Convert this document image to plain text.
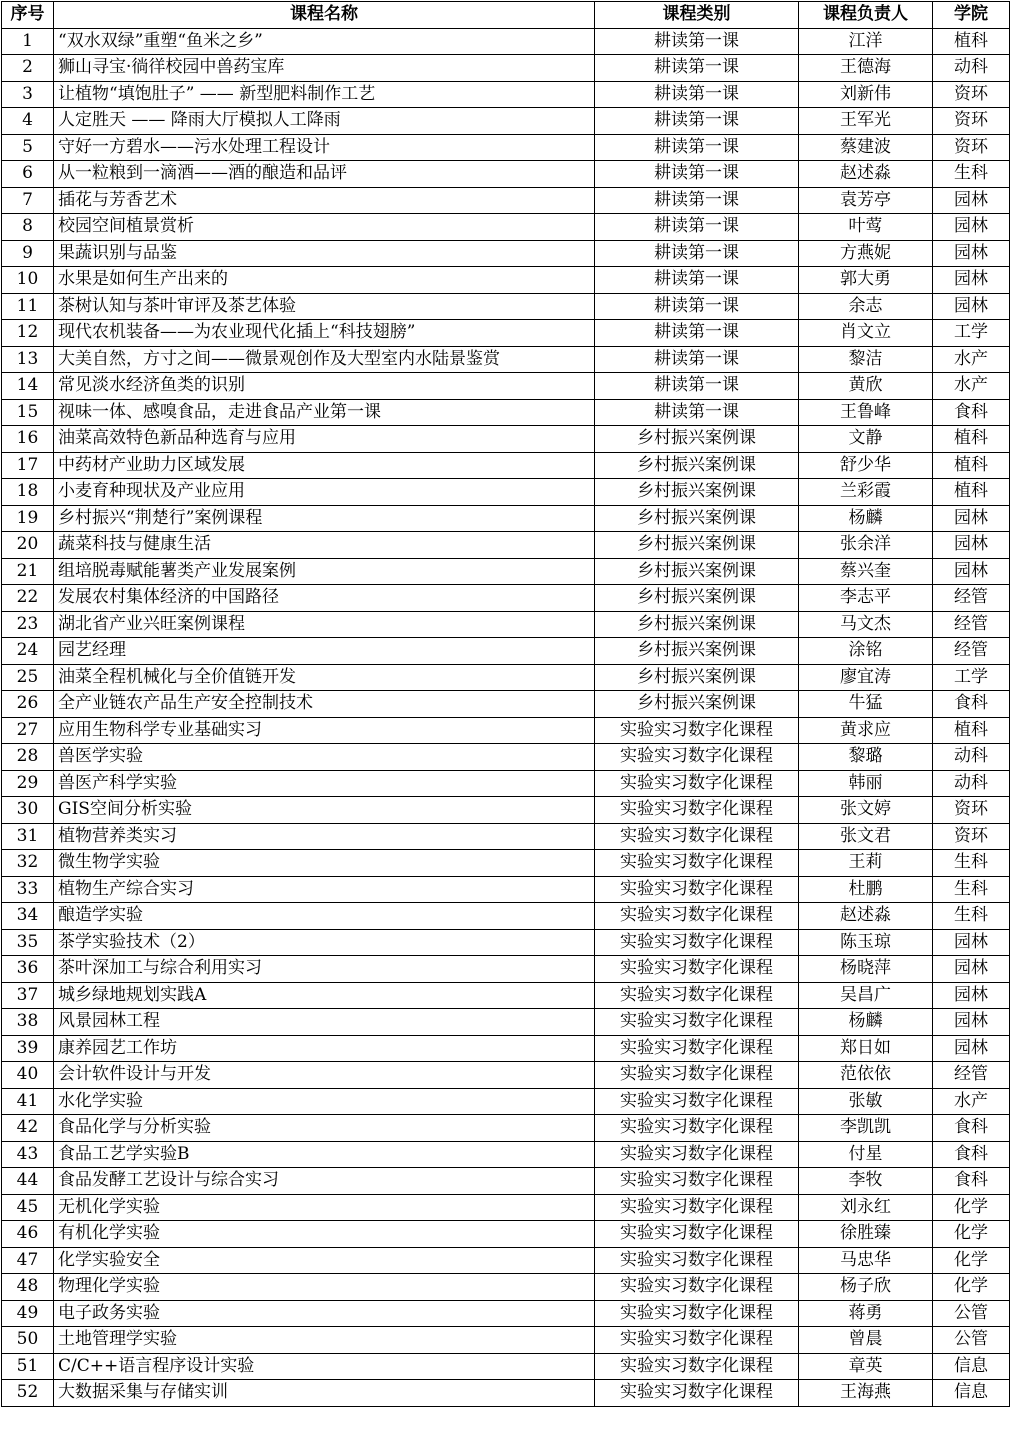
序号	课程名称	课程类别	课程负责人	学院
1	“双水双绿”重塑“鱼米之乡”	耕读第一课	江洋	植科
2	狮山寻宝·徜徉校园中兽药宝库	耕读第一课	王德海	动科
3	让植物“填饱肚子” —— 新型肥料制作工艺	耕读第一课	刘新伟	资环
4	人定胜天 —— 降雨大厅模拟人工降雨	耕读第一课	王军光	资环
5	守好一方碧水——污水处理工程设计	耕读第一课	蔡建波	资环
6	从一粒粮到一滴酒——酒的酿造和品评	耕读第一课	赵述淼	生科
7	插花与芳香艺术	耕读第一课	袁芳亭	园林
8	校园空间植景赏析	耕读第一课	叶莺	园林
9	果蔬识别与品鉴	耕读第一课	方燕妮	园林
10	水果是如何生产出来的	耕读第一课	郭大勇	园林
11	茶树认知与茶叶审评及茶艺体验	耕读第一课	余志	园林
12	现代农机装备——为农业现代化插上“科技翅膀”	耕读第一课	肖文立	工学
13	大美自然，方寸之间——微景观创作及大型室内水陆景鉴赏	耕读第一课	黎洁	水产
14	常见淡水经济鱼类的识别	耕读第一课	黄欣	水产
15	视味一体、感嗅食品，走进食品产业第一课	耕读第一课	王鲁峰	食科
16	油菜高效特色新品种选育与应用	乡村振兴案例课	文静	植科
17	中药材产业助力区域发展	乡村振兴案例课	舒少华	植科
18	小麦育种现状及产业应用	乡村振兴案例课	兰彩霞	植科
19	乡村振兴“荆楚行”案例课程	乡村振兴案例课	杨麟	园林
20	蔬菜科技与健康生活	乡村振兴案例课	张余洋	园林
21	组培脱毒赋能薯类产业发展案例	乡村振兴案例课	蔡兴奎	园林
22	发展农村集体经济的中国路径	乡村振兴案例课	李志平	经管
23	湖北省产业兴旺案例课程	乡村振兴案例课	马文杰	经管
24	园艺经理	乡村振兴案例课	涂铭	经管
25	油菜全程机械化与全价值链开发	乡村振兴案例课	廖宜涛	工学
26	全产业链农产品生产安全控制技术	乡村振兴案例课	牛猛	食科
27	应用生物科学专业基础实习	实验实习数字化课程	黄求应	植科
28	兽医学实验	实验实习数字化课程	黎璐	动科
29	兽医产科学实验	实验实习数字化课程	韩丽	动科
30	GIS空间分析实验	实验实习数字化课程	张文婷	资环
31	植物营养类实习	实验实习数字化课程	张文君	资环
32	微生物学实验	实验实习数字化课程	王莉	生科
33	植物生产综合实习	实验实习数字化课程	杜鹏	生科
34	酿造学实验	实验实习数字化课程	赵述淼	生科
35	茶学实验技术（2）	实验实习数字化课程	陈玉琼	园林
36	茶叶深加工与综合利用实习	实验实习数字化课程	杨晓萍	园林
37	城乡绿地规划实践A	实验实习数字化课程	吴昌广	园林
38	风景园林工程	实验实习数字化课程	杨麟	园林
39	康养园艺工作坊	实验实习数字化课程	郑日如	园林
40	会计软件设计与开发	实验实习数字化课程	范依依	经管
41	水化学实验	实验实习数字化课程	张敏	水产
42	食品化学与分析实验	实验实习数字化课程	李凯凯	食科
43	食品工艺学实验B	实验实习数字化课程	付星	食科
44	食品发酵工艺设计与综合实习	实验实习数字化课程	李牧	食科
45	无机化学实验	实验实习数字化课程	刘永红	化学
46	有机化学实验	实验实习数字化课程	徐胜臻	化学
47	化学实验安全	实验实习数字化课程	马忠华	化学
48	物理化学实验	实验实习数字化课程	杨子欣	化学
49	电子政务实验	实验实习数字化课程	蒋勇	公管
50	土地管理学实验	实验实习数字化课程	曾晨	公管
51	C/C++语言程序设计实验	实验实习数字化课程	章英	信息
52	大数据采集与存储实训	实验实习数字化课程	王海燕	信息
